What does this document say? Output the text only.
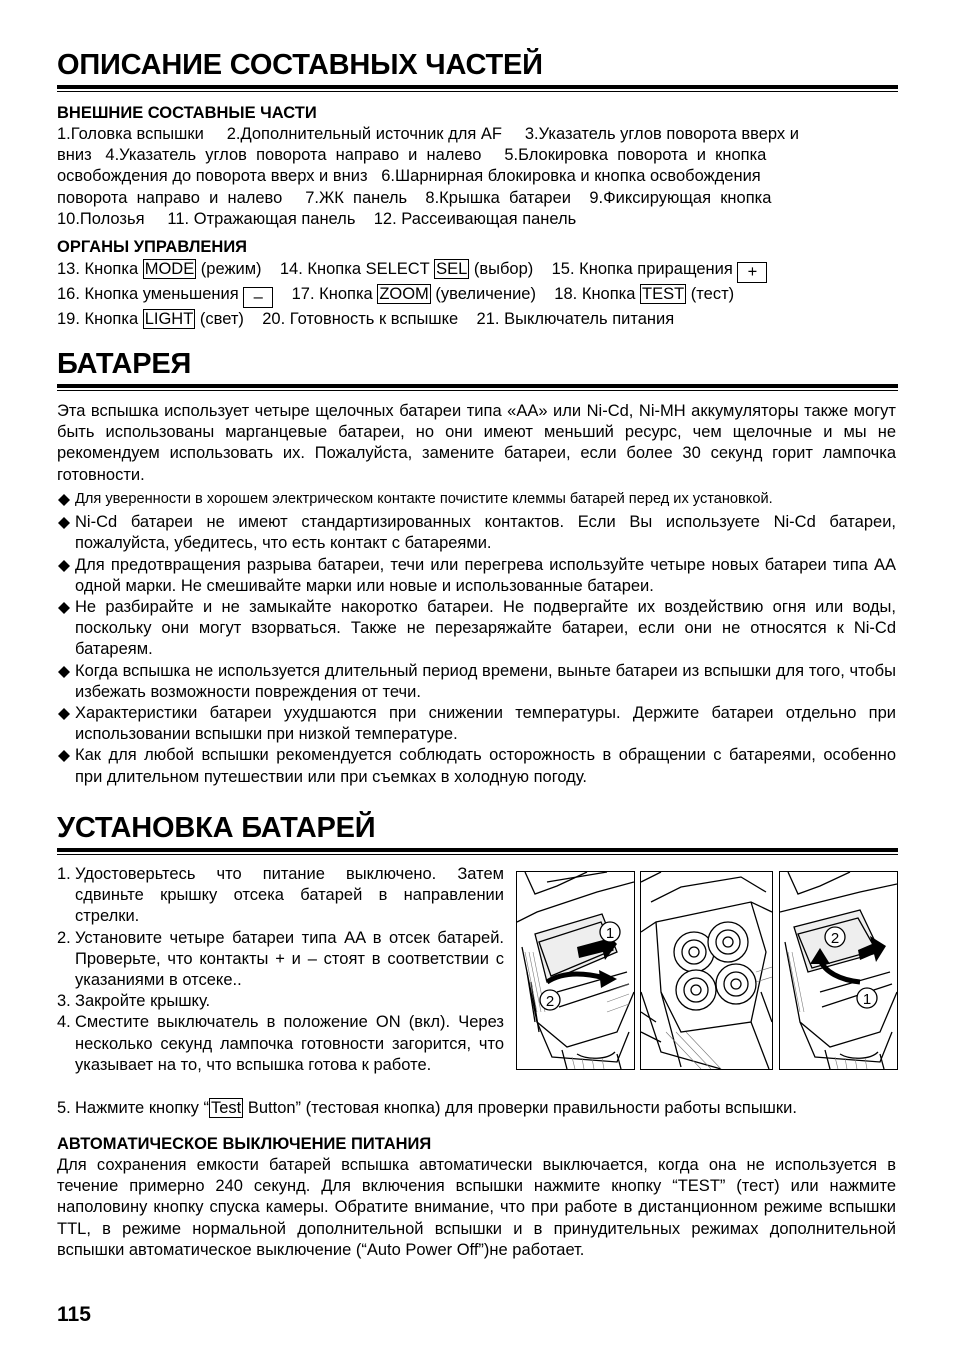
ОПИСАНИЕ СОСТАВНЫХ ЧАСТЕЙ
ВНЕШНИЕ СОСТАВНЫЕ ЧАСТИ
1.Головка вспышки     2.Дополнительный источник для AF     3.Указатель углов поворота вверх и
вниз   4.Указатель  углов  поворота  направо  и  налево     5.Блокировка  поворота  и  кнопка
освобождения до поворота вверх и вниз   6.Шарнирная блокировка и кнопка освобождения
поворота  направо  и  налево     7.ЖК  панель    8.Крышка  батареи    9.Фиксирующая  кнопка
10.Полозья     11. Отражающая панель    12. Рассеивающая панель
ОРГАНЫ УПРАВЛЕНИЯ
13. Кнопка MODE (режим)    14. Кнопка SELECT SEL (выбор)    15. Кнопка приращения +
16. Кнопка уменьшения –    17. Кнопка ZOOM (увеличение)    18. Кнопка TEST (тест)
19. Кнопка LIGHT (свет)    20. Готовность к вспышке    21. Выключатель питания
БАТАРЕЯ
Эта вспышка использует четыре щелочных батареи типа «AA» или Ni-Cd, Ni-MH аккумуляторы также могут быть использованы марганцевые батареи, но они имеют меньший ресурс, чем щелочные и мы не рекомендуем использовать их. Пожалуйста, замените батареи, если более 30 секунд горит лампочка готовности.
Для уверенности в хорошем электрическом контакте почистите клеммы батарей перед их установкой.
Ni-Cd батареи не имеют стандартизированных контактов. Если Вы используете Ni-Cd батареи, пожалуйста, убедитесь, что есть контакт с батареями.
Для предотвращения разрыва батареи, течи или перегрева используйте четыре новых батареи типа AA одной марки. Не смешивайте марки или новые и использованные батареи.
Не разбирайте и не замыкайте накоротко батареи. Не подвергайте их воздействию огня или воды, поскольку они могут взорваться. Также не перезаряжайте батареи, если они не относятся к Ni-Cd батареям.
Когда вспышка не используется длительный период времени, выньте батареи из вспышки для того, чтобы избежать возможности повреждения от течи.
Характеристики батареи ухудшаются при снижении температуры. Держите батареи отдельно при использовании вспышки при низкой температуре.
Как для любой вспышки рекомендуется соблюдать осторожность в обращении с батареями, особенно при длительном путешествии или при съемках в холодную погоду.
УСТАНОВКА БАТАРЕЙ
1. Удостоверьтесь что питание выключено. Затем сдвиньте крышку отсека батарей в направлении стрелки.
2. Установите четыре батареи типа AA в отсек батарей. Проверьте, что контакты + и – стоят в соответствии с указаниями в отсеке..
3. Закройте крышку.
4. Сместите выключатель в положение ON (вкл). Через несколько секунд лампочка готовности загорится, что указывает на то, что вспышка готова к работе.
5. Нажмите кнопку “ Test Button” (тестовая кнопка) для проверки правильности работы вспышки.
АВТОМАТИЧЕСКОЕ ВЫКЛЮЧЕНИЕ ПИТАНИЯ
Для сохранения емкости батарей вспышка автоматически выключается, когда она не используется в течение примерно 240 секунд. Для включения вспышки нажмите кнопку “TEST” (тест) или нажмите наполовину кнопку спуска камеры. Обратите внимание, что при работе в дистанционном режиме вспышки TTL, в режиме нормальной дополнительной вспышки и в принудительных режимах дополнительной вспышки автоматическое выключение (“Auto Power Off”)не работает.
115
1
2
2
1
